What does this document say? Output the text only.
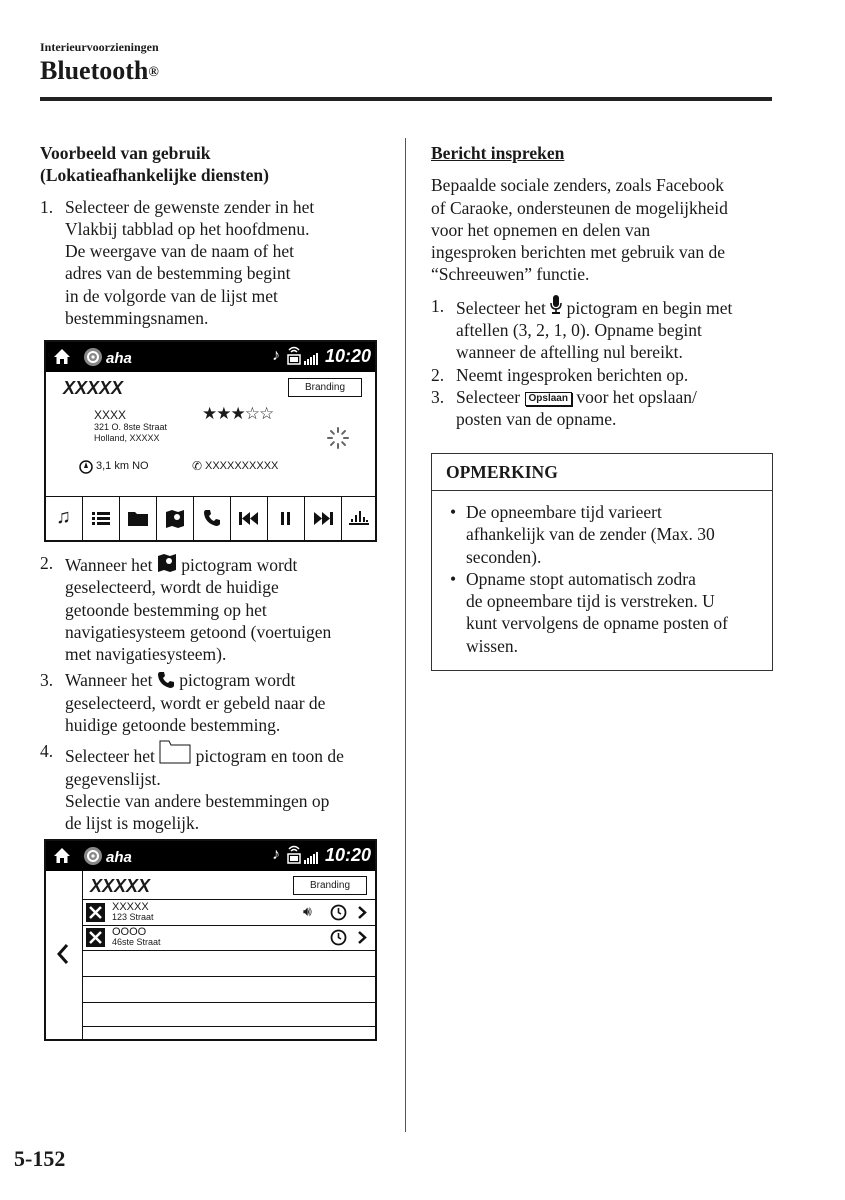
Interieurvoorzieningen
Bluetooth®
Voorbeeld van gebruik
(Lokatieafhankelijke diensten)
1. Selecteer de gewenste zender in het
Vlakbij tabblad op het hoofdmenu.
De weergave van de naam of het
adres van de bestemming begint
in de volgorde van de lijst met
bestemmingsnamen.
aha	♪	10:20
XXXXX	Branding
XXXX
321 O. 8ste Straat
Holland, XXXXX
★★★☆☆
3,1 km NO	✆ XXXXXXXXXX
♫
2. Wanneer het pictogram wordt
geselecteerd, wordt de huidige
getoonde bestemming op het
navigatiesysteem getoond (voertuigen
met navigatiesysteem).
3. Wanneer het pictogram wordt
geselecteerd, wordt er gebeld naar de
huidige getoonde bestemming.
4. Selecteer het pictogram en toon de
gegevenslijst.
Selectie van andere bestemmingen op
de lijst is mogelijk.
aha	♪	10:20
XXXXX	Branding
XXXXX
123 Straat	🔊︎
OOOO
46ste Straat
Bericht inspreken
Bepaalde sociale zenders, zoals Facebook
of Caraoke, ondersteunen de mogelijkheid
voor het opnemen en delen van
ingesproken berichten met gebruik van de
“Schreeuwen” functie.
1. Selecteer het pictogram en begin met
aftellen (3, 2, 1, 0). Opname begint
wanneer de aftelling nul bereikt.
2. Neemt ingesproken berichten op.
3. Selecteer Opslaan voor het opslaan/
posten van de opname.
OPMERKING
• De opneembare tijd varieert
afhankelijk van de zender (Max. 30
seconden).
• Opname stopt automatisch zodra
de opneembare tijd is verstreken. U
kunt vervolgens de opname posten of
wissen.
5-152
